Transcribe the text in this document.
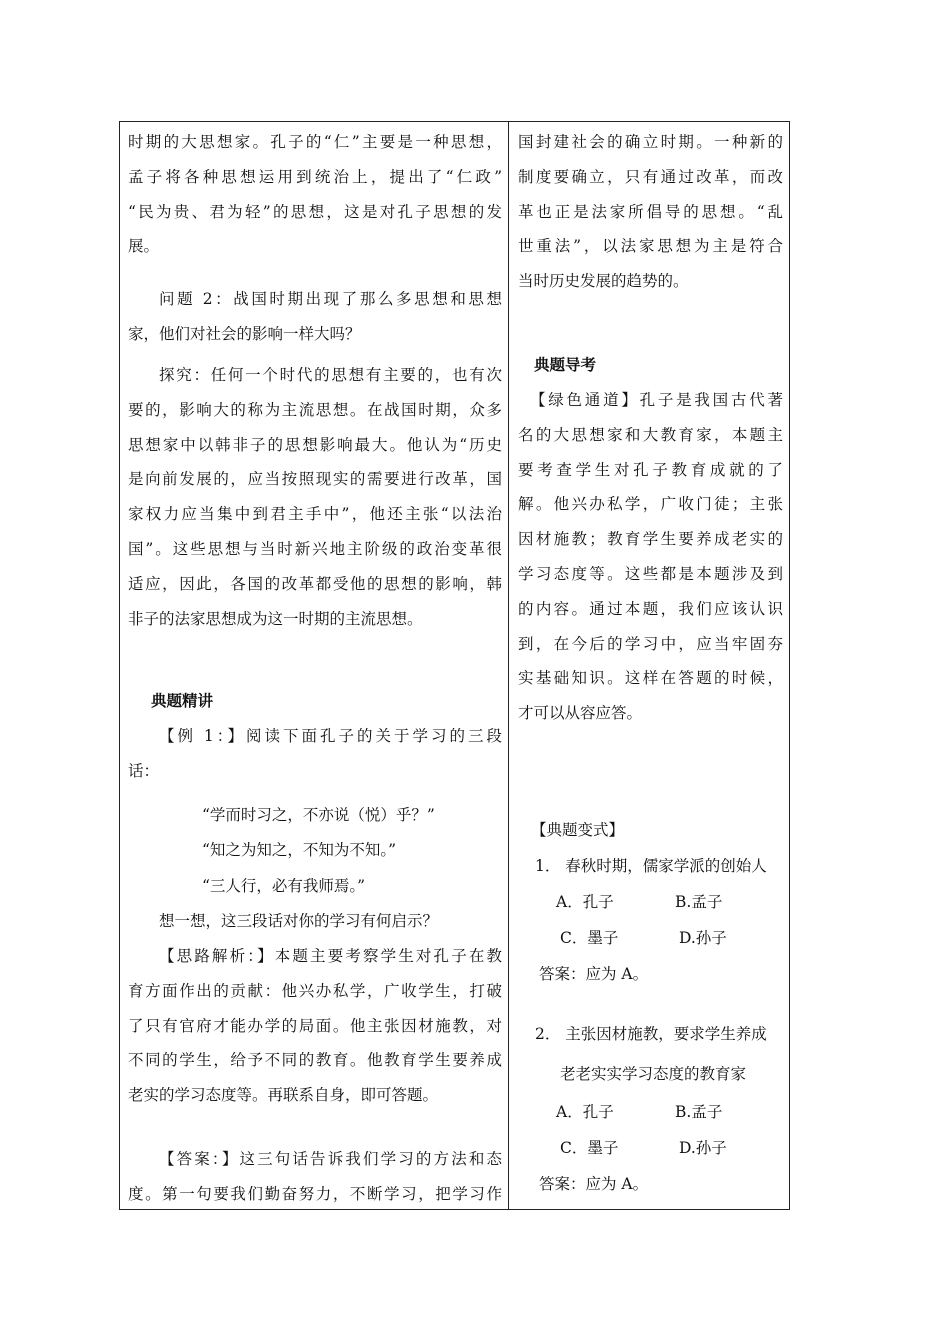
时期的大思想家。孔子的“仁”主要是一种思想，
孟子将各种思想运用到统治上，提出了“仁政”
“民为贵、君为轻”的思想，这是对孔子思想的发
展。
问题 2：战国时期出现了那么多思想和思想
家，他们对社会的影响一样大吗？
探究：任何一个时代的思想有主要的，也有次
要的，影响大的称为主流思想。在战国时期，众多
思想家中以韩非子的思想影响最大。他认为“历史
是向前发展的，应当按照现实的需要进行改革，国
家权力应当集中到君主手中”，他还主张“以法治
国”。这些思想与当时新兴地主阶级的政治变革很
适应，因此，各国的改革都受他的思想的影响，韩
非子的法家思想成为这一时期的主流思想。
典题精讲
【例 1：】阅读下面孔子的关于学习的三段
话：
“学而时习之，不亦说（悦）乎？”
“知之为知之，不知为不知。”
“三人行，必有我师焉。”
想一想，这三段话对你的学习有何启示？
【思路解析：】本题主要考察学生对孔子在教
育方面作出的贡献：他兴办私学，广收学生，打破
了只有官府才能办学的局面。他主张因材施教，对
不同的学生，给予不同的教育。他教育学生要养成
老实的学习态度等。再联系自身，即可答题。
【答案：】这三句话告诉我们学习的方法和态
度。第一句要我们勤奋努力，不断学习，把学习作
国封建社会的确立时期。一种新的
制度要确立，只有通过改革，而改
革也正是法家所倡导的思想。“乱
世重法”，以法家思想为主是符合
当时历史发展的趋势的。
典题导考
【绿色通道】孔子是我国古代著
名的大思想家和大教育家，本题主
要考查学生对孔子教育成就的了
解。他兴办私学，广收门徒；主张
因材施教；教育学生要养成老实的
学习态度等。这些都是本题涉及到
的内容。通过本题，我们应该认识
到，在今后的学习中，应当牢固夯
实基础知识。这样在答题的时候，
才可以从容应答。
【典题变式】
1． 春秋时期，儒家学派的创始人
A．孔子	B.孟子
C．墨子	D.孙子
答案：应为 A。
2． 主张因材施教，要求学生养成
老老实实学习态度的教育家
A．孔子	B.孟子
C．墨子	D.孙子
答案：应为 A。
